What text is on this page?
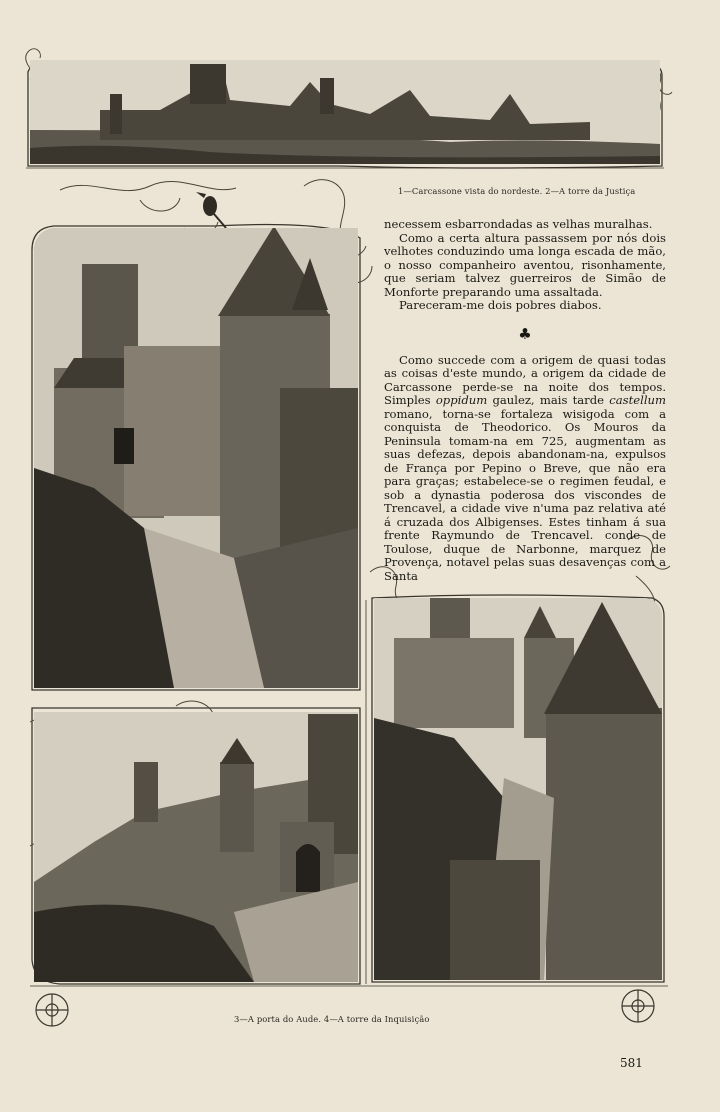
1—Carcassone vista do nordeste. 2—A torre da Justiça
3—A porta do Aude. 4—A torre da Inquisição

necessem esbarrondadas as velhas muralhas.

Como a certa altura passassem por nós dois velhotes conduzindo uma longa escada de mão, o nosso companheiro aventou, risonhamente, que seriam talvez guerreiros de Simão de Monforte preparando uma assaltada.

Pareceram-me dois pobres diabos.

♣

Como succede com a origem de quasi todas as coisas d'este mundo, a origem da cidade de Carcassone perde-se na noite dos tempos. Simples oppidum gaulez, mais tarde castellum romano, torna-se fortaleza wisigoda com a conquista de Theodorico. Os Mouros da Peninsula tomam-na em 725, augmentam as suas defezas, depois abandonam-na, expulsos de França por Pepino o Breve, que não era para graças; estabelece-se o regimen feudal, e sob a dynastia poderosa dos viscondes de Trencavel, a cidade vive n'uma paz relativa até á cruzada dos Albigenses. Estes tinham á sua frente Raymundo de Trencavel. conde de Toulose, duque de Narbonne, marquez de Provença, notavel pelas suas desavenças com a Santa

581
